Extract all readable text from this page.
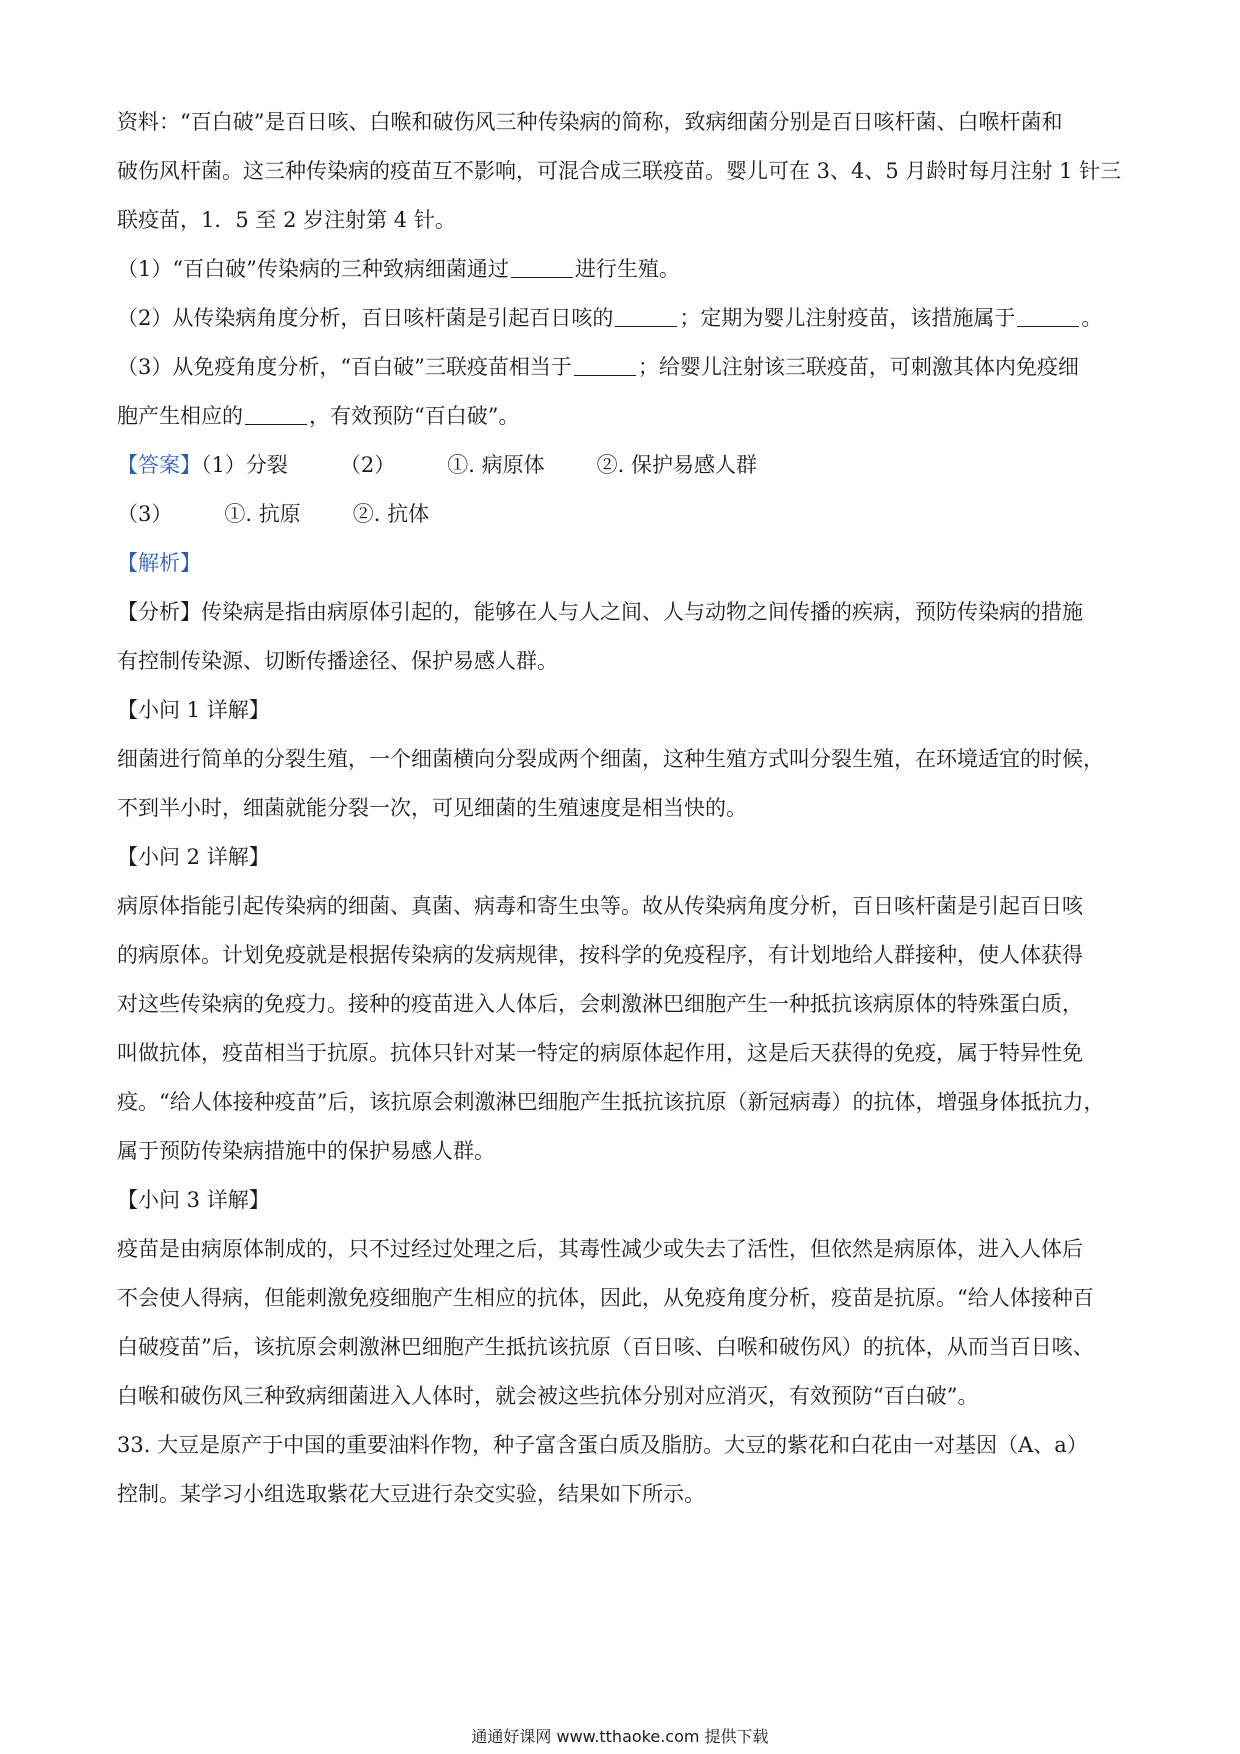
资料：“百白破”是百日咳、白喉和破伤风三种传染病的简称，致病细菌分别是百日咳杆菌、白喉杆菌和
破伤风杆菌。这三种传染病的疫苗互不影响，可混合成三联疫苗。婴儿可在 3、4、5 月龄时每月注射 1 针三
联疫苗，1．5 至 2 岁注射第 4 针。
（1）“百白破”传染病的三种致病细菌通过	进行生殖。
（2）从传染病角度分析，百日咳杆菌是引起百日咳的	；定期为婴儿注射疫苗，该措施属于	。
（3）从免疫角度分析，“百白破”三联疫苗相当于	；给婴儿注射该三联疫苗，可刺激其体内免疫细
胞产生相应的	，有效预防“百白破”。
【答案】（1）分裂 （2） ①. 病原体 ②. 保护易感人群
（3） ①. 抗原 ②. 抗体
【解析】
【分析】传染病是指由病原体引起的，能够在人与人之间、人与动物之间传播的疾病，预防传染病的措施
有控制传染源、切断传播途径、保护易感人群。
【小问 1 详解】
细菌进行简单的分裂生殖，一个细菌横向分裂成两个细菌，这种生殖方式叫分裂生殖，在环境适宜的时候，
不到半小时，细菌就能分裂一次，可见细菌的生殖速度是相当快的。
【小问 2 详解】
病原体指能引起传染病的细菌、真菌、病毒和寄生虫等。故从传染病角度分析，百日咳杆菌是引起百日咳
的病原体。计划免疫就是根据传染病的发病规律，按科学的免疫程序，有计划地给人群接种，使人体获得
对这些传染病的免疫力。接种的疫苗进入人体后，会刺激淋巴细胞产生一种抵抗该病原体的特殊蛋白质，
叫做抗体，疫苗相当于抗原。抗体只针对某一特定的病原体起作用，这是后天获得的免疫，属于特异性免
疫。“给人体接种疫苗”后，该抗原会刺激淋巴细胞产生抵抗该抗原（新冠病毒）的抗体，增强身体抵抗力，
属于预防传染病措施中的保护易感人群。
【小问 3 详解】
疫苗是由病原体制成的，只不过经过处理之后，其毒性减少或失去了活性，但依然是病原体，进入人体后
不会使人得病，但能刺激免疫细胞产生相应的抗体，因此，从免疫角度分析，疫苗是抗原。“给人体接种百
白破疫苗”后，该抗原会刺激淋巴细胞产生抵抗该抗原（百日咳、白喉和破伤风）的抗体，从而当百日咳、
白喉和破伤风三种致病细菌进入人体时，就会被这些抗体分别对应消灭，有效预防“百白破”。
33. 大豆是原产于中国的重要油料作物，种子富含蛋白质及脂肪。大豆的紫花和白花由一对基因（A、a）
控制。某学习小组选取紫花大豆进行杂交实验，结果如下所示。
通通好课网 www.tthaoke.com 提供下载
